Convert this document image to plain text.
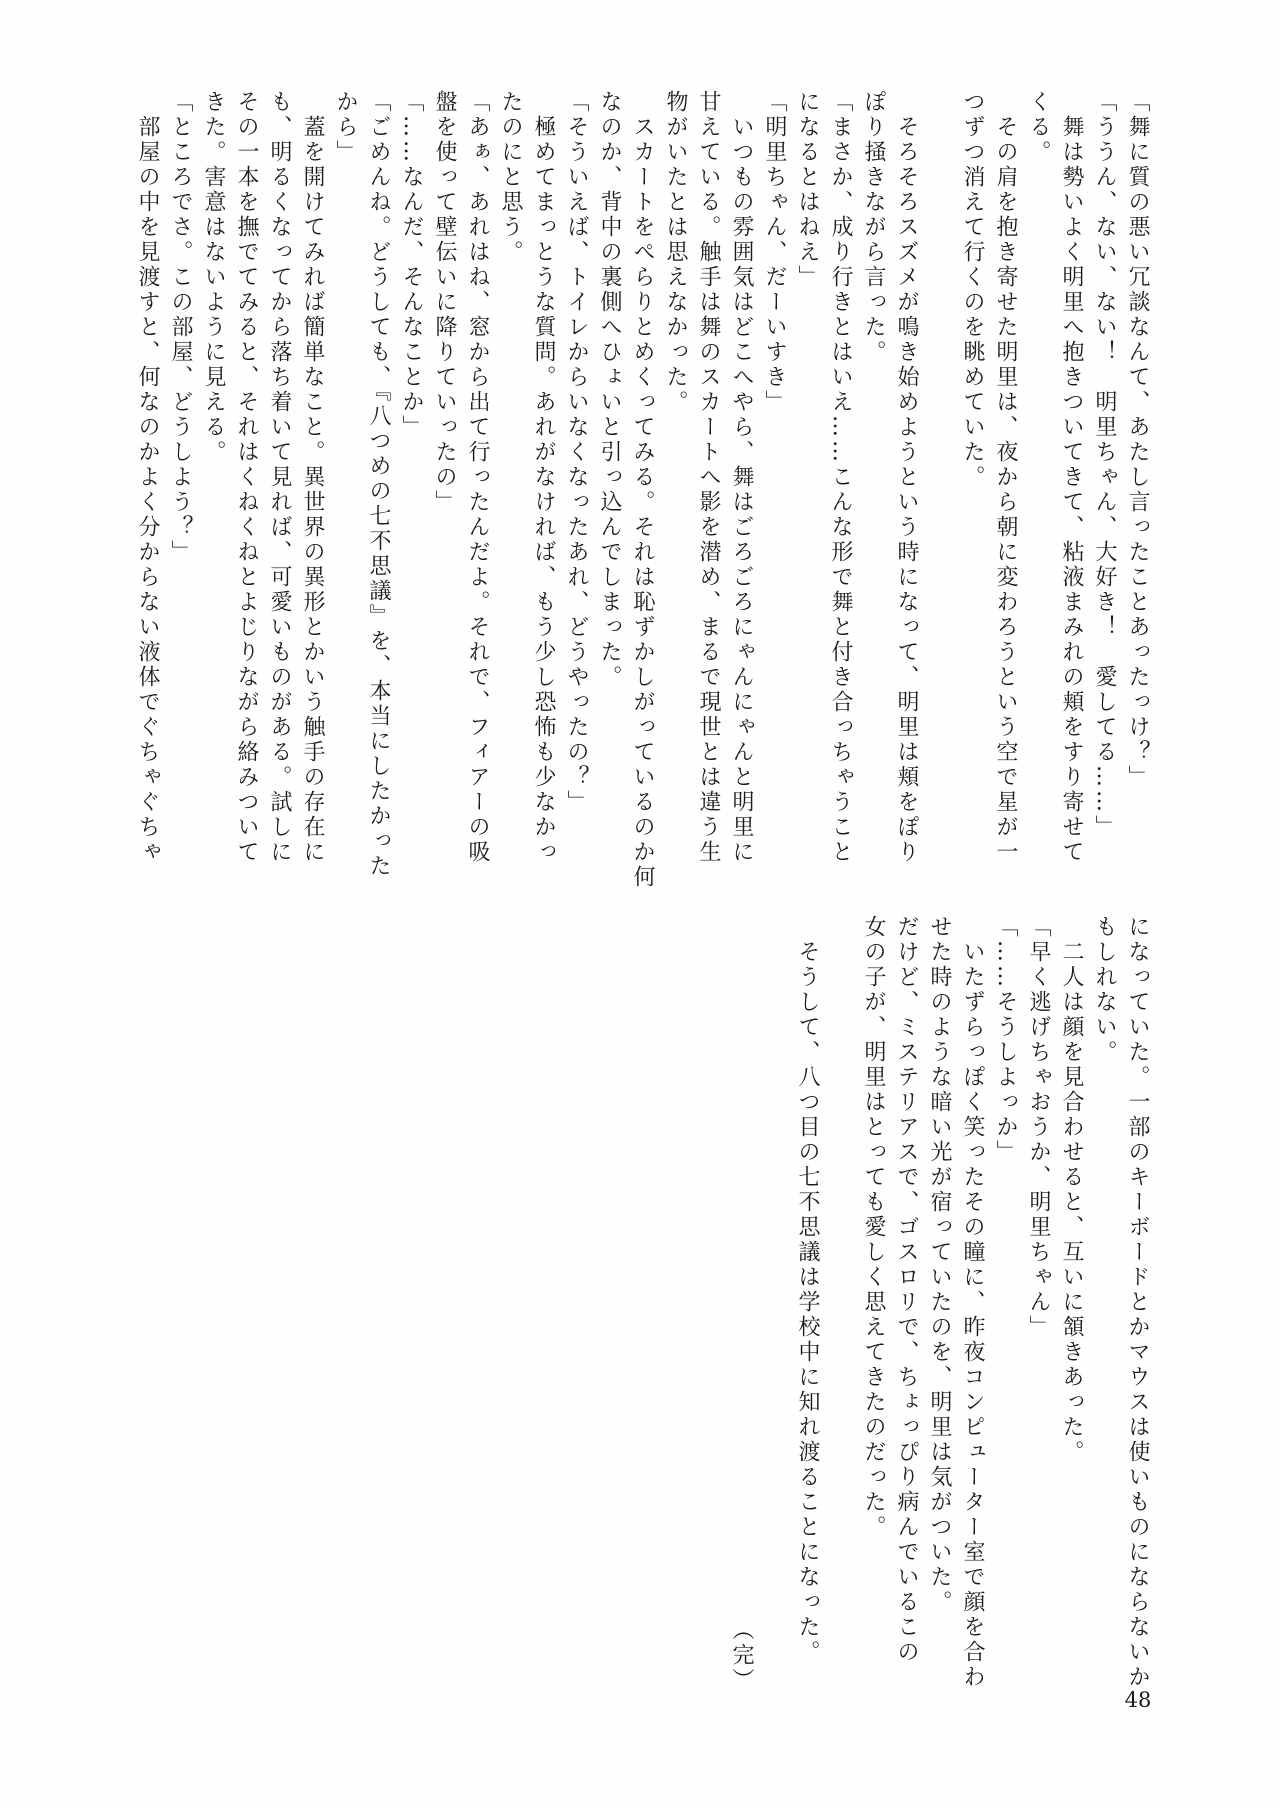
「舞に質の悪い冗談なんて、あたし言ったことあったっけ？」
「ううん、ない、ない！　明里ちゃん、大好き！　愛してる……」
　舞は勢いよく明里へ抱きついてきて、粘液まみれの頬をすり寄せて
くる。
　その肩を抱き寄せた明里は、夜から朝に変わろうという空で星が一
つずつ消えて行くのを眺めていた。

　そろそろスズメが鳴き始めようという時になって、明里は頬をぽり
ぽり掻きながら言った。
「まさか、成り行きとはいえ……こんな形で舞と付き合っちゃうこと
になるとはねえ」
「明里ちゃん、だーいすき」
　いつもの雰囲気はどこへやら、舞はごろごろにゃんにゃんと明里に
甘えている。触手は舞のスカートへ影を潜め、まるで現世とは違う生
物がいたとは思えなかった。
　スカートをぺらりとめくってみる。それは恥ずかしがっているのか何
なのか、背中の裏側へひょいと引っ込んでしまった。
「そういえば、トイレからいなくなったあれ、どうやったの？」
　極めてまっとうな質問。あれがなければ、もう少し恐怖も少なかっ
たのにと思う。
「あぁ、あれはね、窓から出て行ったんだよ。それで、フィアーの吸
盤を使って壁伝いに降りていったの」
「……なんだ、そんなことか」
「ごめんね。どうしても、『八つめの七不思議』を、本当にしたかった
から」
　蓋を開けてみれば簡単なこと。異世界の異形とかいう触手の存在に
も、明るくなってから落ち着いて見れば、可愛いものがある。試しに
その一本を撫でてみると、それはくねくねとよじりながら絡みついて
きた。害意はないように見える。
「ところでさ。この部屋、どうしよう？」
　部屋の中を見渡すと、何なのかよく分からない液体でぐちゃぐちゃ
になっていた。一部のキーボードとかマウスは使いものにならないか
もしれない。
　二人は顔を見合わせると、互いに頷きあった。
「早く逃げちゃおうか、明里ちゃん」
「……そうしよっか」
　いたずらっぽく笑ったその瞳に、昨夜コンピューター室で顔を合わ
せた時のような暗い光が宿っていたのを、明里は気がついた。
だけど、ミステリアスで、ゴスロリで、ちょっぴり病んでいるこの
女の子が、明里はとっても愛しく思えてきたのだった。

　そうして、八つ目の七不思議は学校中に知れ渡ることになった。

（完）
48
